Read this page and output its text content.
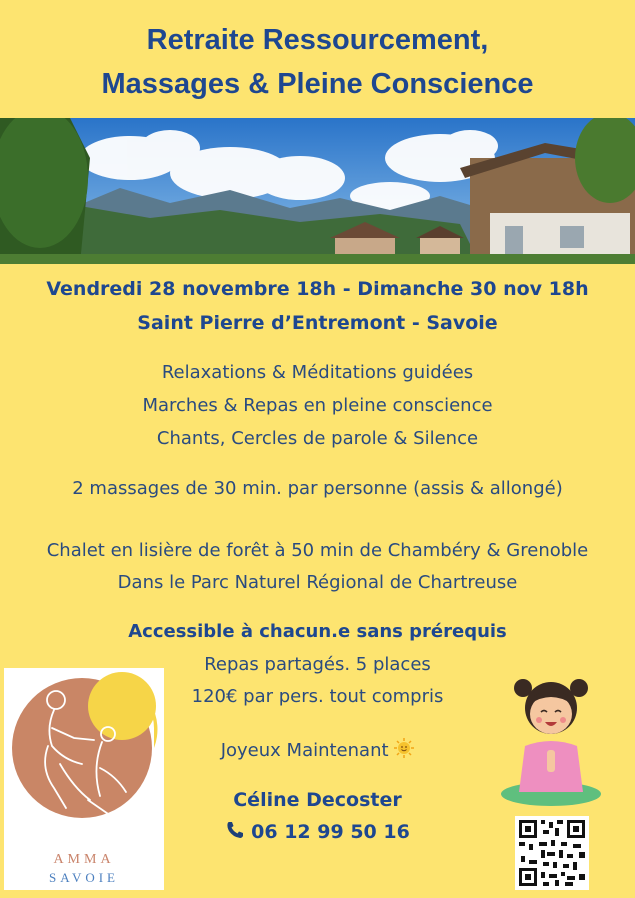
Retraite Ressourcement,
Massages & Pleine Conscience
Vendredi 28 novembre 18h - Dimanche 30 nov 18h
Saint Pierre d’Entremont - Savoie
Relaxations & Méditations guidées
Marches & Repas en pleine conscience
Chants, Cercles de parole & Silence
2 massages de 30 min. par personne (assis & allongé)
Chalet en lisière de forêt à 50 min de Chambéry & Grenoble
Dans le Parc Naturel Régional de Chartreuse
Accessible à chacun.e sans prérequis
Repas partagés. 5 places
120€ par pers. tout compris
Joyeux Maintenant
Céline Decoster
06 12 99 50 16
AMMA
SAVOIE
